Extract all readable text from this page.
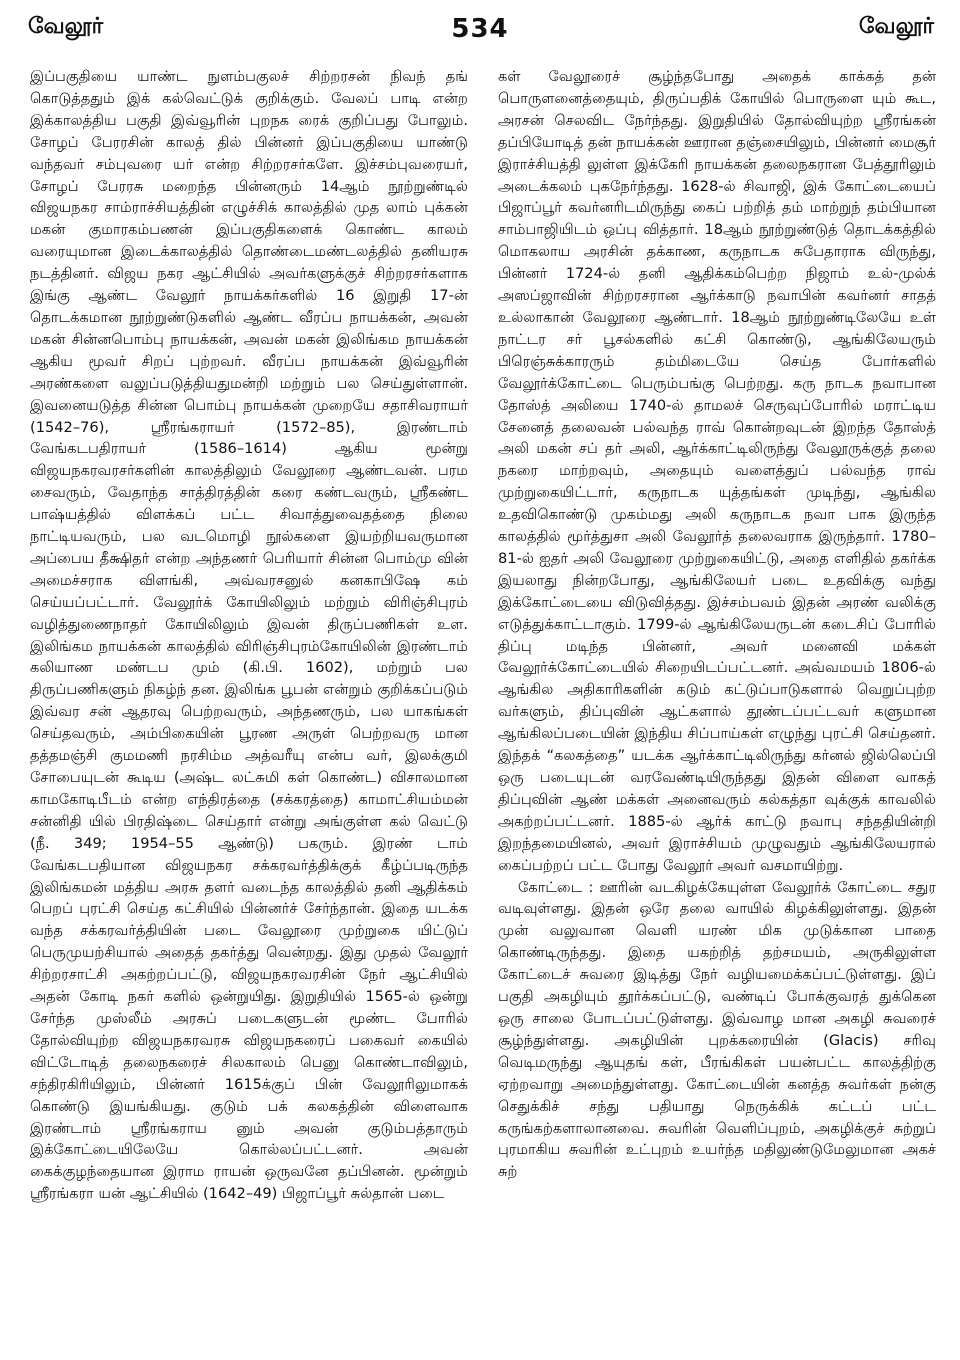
வேலூர்	534	வேலூர்

இப்பகுதியை யாண்ட நுளம்பகுலச் சிற்றரசன் நிவந் தங் கொடுத்ததும் இக் கல்வெட்டுக் குறிக்கும். வேலப் பாடி என்ற இக்காலத்திய பகுதி இவ்வூரின் புறநக ரைக் குறிப்பது போலும். சோழப் பேரரசின் காலத் தில் பின்னர் இப்பகுதியை யாண்டு வந்தவர் சம்புவரை யர் என்ற சிற்றரசர்களே. இச்சம்புவரையர், சோழப் பேரரசு மறைந்த பின்னரும் 14ஆம் நூற்றுண்டில் விஜயநகர சாம்ராச்சியத்தின் எழுச்சிக் காலத்தில் முத லாம் புக்கன் மகன் குமாரகம்பணன் இப்பகுதிகளைக் கொண்ட காலம் வரையுமான இடைக்காலத்தில் தொண்டைமண்டலத்தில் தனியரசு நடத்தினர். விஜய நகர ஆட்சியில் அவர்களுக்குச் சிற்றரசர்களாக இங்கு ஆண்ட வேலூர் நாயக்கர்களில் 16 இறுதி 17-ன் தொடக்கமான நூற்றுண்டுகளில் ஆண்ட வீரப்ப நாயக்கன், அவன் மகன் சின்னபொம்பு நாயக்கன், அவன் மகன் இலிங்கம நாயக்கன் ஆகிய மூவர் சிறப் புற்றவர். வீரப்ப நாயக்கன் இவ்வூரின் அரண்களை வலுப்படுத்தியதுமன்றி மற்றும் பல செய்துள்ளான். இவனையடுத்த சின்ன பொம்பு நாயக்கன் முறையே சதாசிவராயர் (1542–76), ஸ்ரீரங்கராயர் (1572–85), இரண்டாம் வேங்கடபதிராயர் (1586–1614) ஆகிய மூன்று விஜயநகரவரசர்களின் காலத்திலும் வேலூரை ஆண்டவன். பரம சைவரும், வேதாந்த சாத்திரத்தின் கரை கண்டவரும், ஸ்ரீகண்ட பாஷ்யத்தில் விளக்கப் பட்ட சிவாத்துவைதத்தை நிலை நாட்டியவரும், பல வடமொழி நூல்களை இயற்றியவருமான அப்பைய தீக்ஷிதர் என்ற அந்தணர் பெரியார் சின்ன பொம்மு வின் அமைச்சராக விளங்கி, அவ்வரசனுல் கனகாபிஷே கம் செய்யப்பட்டார். வேலூர்க் கோயிலிலும் மற்றும் விரிஞ்சிபுரம் வழித்துணைநாதர் கோயிலிலும் இவன் திருப்பணிகள் உள. இலிங்கம நாயக்கன் காலத்தில் விரிஞ்சிபுரம்கோயிலின் இரண்டாம் கலியாண மண்டப மும் (கி.பி. 1602), மற்றும் பல திருப்பணிகளும் நிகழ்ந் தன. இலிங்க பூபன் என்றும் குறிக்கப்படும் இவ்வர சன் ஆதரவு பெற்றவரும், அந்தணரும், பல யாகங்கள் செய்தவரும், அம்பிகையின் பூரண அருள் பெற்றவரு மான தத்தமஞ்சி குமமணி நரசிம்ம அத்வரீயு என்ப வர், இலக்குமி சோபையுடன் கூடிய (அஷ்ட லட்சுமி கள் கொண்ட) விசாலமான காமகோடிபீடம் என்ற எந்திரத்தை (சக்கரத்தை) காமாட்சியம்மன் சன்னிதி யில் பிரதிஷ்டை செய்தார் என்று அங்குள்ள கல் வெட்டு (நீ. 349; 1954–55 ஆண்டு) பகரும். இரண் டாம் வேங்கடபதியான விஜயநகர சக்கரவர்த்திக்குக் கீழ்ப்படிருந்த இலிங்கமன் மத்திய அரசு தளர் வடைந்த காலத்தில் தனி ஆதிக்கம் பெறப் புரட்சி செய்த கட்சியில் பின்னர்ச் சேர்ந்தான். இதை யடக்க வந்த சக்கரவர்த்தியின் படை வேலூரை முற்றுகை யிட்டுப் பெருமுயற்சியால் அதைத் தகர்த்து வென்றது. இது முதல் வேலூர் சிற்றரசாட்சி அகற்றப்பட்டு, விஜயநகரவரசின் நேர் ஆட்சியில் அதன் கோடி நகர் களில் ஒன்றுயிது. இறுதியில் 1565-ல் ஒன்று சேர்ந்த முஸ்லீம் அரசுப் படைகளுடன் மூண்ட போரில் தோல்வியுற்ற விஜயநகரவரசு விஜயநகரைப் பகைவர் கையில் விட்டோடித் தலைநகரைச் சிலகாலம் பெனு கொண்டாவிலும், சந்திரகிரியிலும், பின்னர் 1615க்குப் பின் வேலூரிலுமாகக் கொண்டு இயங்கியது. குடும் பக் கலகத்தின் விளைவாக இரண்டாம் ஸ்ரீரங்கராய னும் அவன் குடும்பத்தாரும் இக்கோட்டையிலேயே கொல்லப்பட்டனர். அவன் கைக்குழந்தையான இராம ராயன் ஒருவனே தப்பினன். மூன்றும் ஸ்ரீரங்கரா யன் ஆட்சியில் (1642–49) பிஜாப்பூர் சுல்தான் படை

கள் வேலூரைச் சூழ்ந்தபோது அதைக் காக்கத் தன் பொருளனைத்தையும், திருப்பதிக் கோயில் பொருளை யும் கூட, அரசன் செலவிட நேர்ந்தது. இறுதியில் தோல்வியுற்ற ஸ்ரீரங்கன் தப்பியோடித் தன் நாயக்கன் ஊரான தஞ்சையிலும், பின்னர் மைசூர் இராச்சியத்தி லுள்ள இக்கேரி நாயக்கன் தலைநகரான பேத்தூரிலும் அடைக்கலம் புகநேர்ந்தது. 1628-ல் சிவாஜி, இக் கோட்டையைப் பிஜாப்பூர் கவர்னரிடமிருந்து கைப் பற்றித் தம் மாற்றுந் தம்பியான சாம்பாஜியிடம் ஒப்பு வித்தார். 18ஆம் நூற்றுண்டுத் தொடக்கத்தில் மொகலாய அரசின் தக்காண, கருநாடக சுபேதாராக விருந்து, பின்னர் 1724-ல் தனி ஆதிக்கம்பெற்ற நிஜாம் உல்-முல்க் அஸப்ஜாவின் சிற்றரசரான ஆர்க்காடு நவாபின் கவர்னர் சாதத் உல்லாகான் வேலூரை ஆண்டார். 18ஆம் நூற்றுண்டிலேயே உள் நாட்டர சர் பூசல்களில் கட்சி கொண்டு, ஆங்கிலேயரும் பிரெஞ்சுக்காரரும் தம்மிடையே செய்த போர்களில் வேலூர்க்கோட்டை பெரும்பங்கு பெற்றது. கரு நாடக நவாபான தோஸ்த் அலியை 1740-ல் தாமலச் செருவுப்போரில் மராட்டிய சேனைத் தலைவன் பல்வந்த ராவ் கொன்றவுடன் இறந்த தோஸ்த் அலி மகன் சப் தர் அலி, ஆர்க்காட்டிலிருந்து வேலூருக்குத் தலை நகரை மாற்றவும், அதையும் வளைத்துப் பல்வந்த ராவ் முற்றுகையிட்டார், கருநாடக யுத்தங்கள் முடிந்து, ஆங்கில உதவிகொண்டு முகம்மது அலி கருநாடக நவா பாக இருந்த காலத்தில் மூர்த்துசா அலி வேலூர்த் தலைவராக இருந்தார். 1780–81-ல் ஐதர் அலி வேலூரை முற்றுகையிட்டு, அதை எளிதில் தகர்க்க இயலாது நின்றபோது, ஆங்கிலேயர் படை உதவிக்கு வந்து இக்கோட்டையை விடுவித்தது. இச்சம்பவம் இதன் அரண் வலிக்கு எடுத்துக்காட்டாகும். 1799-ல் ஆங்கிலேயருடன் கடைசிப் போரில் திப்பு மடிந்த பின்னர், அவர் மனைவி மக்கள் வேலூர்க்கோட்டையில் சிறையிடப்பட்டனர். அவ்வமயம் 1806-ல் ஆங்கில அதிகாரிகளின் கடும் கட்டுப்பாடுகளால் வெறுப்புற்ற வர்களும், திப்புவின் ஆட்களால் தூண்டப்பட்டவர் களுமான ஆங்கிலப்படையின் இந்திய சிப்பாய்கள் எழுந்து புரட்சி செய்தனர். இந்தக் “கலகத்தை” யடக்க ஆர்க்காட்டிலிருந்து கர்னல் ஜில்லெப்பி ஒரு படையுடன் வரவேண்டியிருந்தது இதன் விளை வாகத் திப்புவின் ஆண் மக்கள் அனைவரும் கல்கத்தா வுக்குக் காவலில் அகற்றப்பட்டனர். 1885-ல் ஆர்க் காட்டு நவாபு சந்ததியின்றி இறந்தமையினல், அவர் இராச்சியம் முழுவதும் ஆங்கிலேயரால் கைப்பற்றப் பட்ட போது வேலூர் அவர் வசமாயிற்று.

கோட்டை : ஊரின் வடகிழக்கேயுள்ள வேலூர்க் கோட்டை சதுர வடிவுள்ளது. இதன் ஒரே தலை வாயில் கிழக்கிலுள்ளது. இதன் முன் வலுவான வெளி யரண் மிக முடுக்கான பாதை கொண்டிருந்தது. இதை யகற்றித் தற்சமயம், அருகிலுள்ள கோட்டைச் சுவரை இடித்து நேர் வழியமைக்கப்பட்டுள்ளது. இப் பகுதி அகழியும் தூர்க்கப்பட்டு, வண்டிப் போக்குவரத் துக்கென ஒரு சாலை போடப்பட்டுள்ளது. இவ்வாழ மான அகழி சுவரைச் சூழ்ந்துள்ளது. அகழியின் புறக்கரையின் (Glacis) சரிவு வெடிமருந்து ஆயுதங் கள், பீரங்கிகள் பயன்பட்ட காலத்திற்கு ஏற்றவாறு அமைந்துள்ளது. கோட்டையின் கனத்த சுவர்கள் நன்கு செதுக்கிச் சந்து பதியாது நெருக்கிக் கட்டப் பட்ட கருங்கற்களாலானவை. சுவரின் வெளிப்புறம், அகழிக்குச் சுற்றுப் புரமாகிய சுவரின் உட்புறம் உயர்ந்த மதிலுண்டுமேலுமான அகச் சுற்
